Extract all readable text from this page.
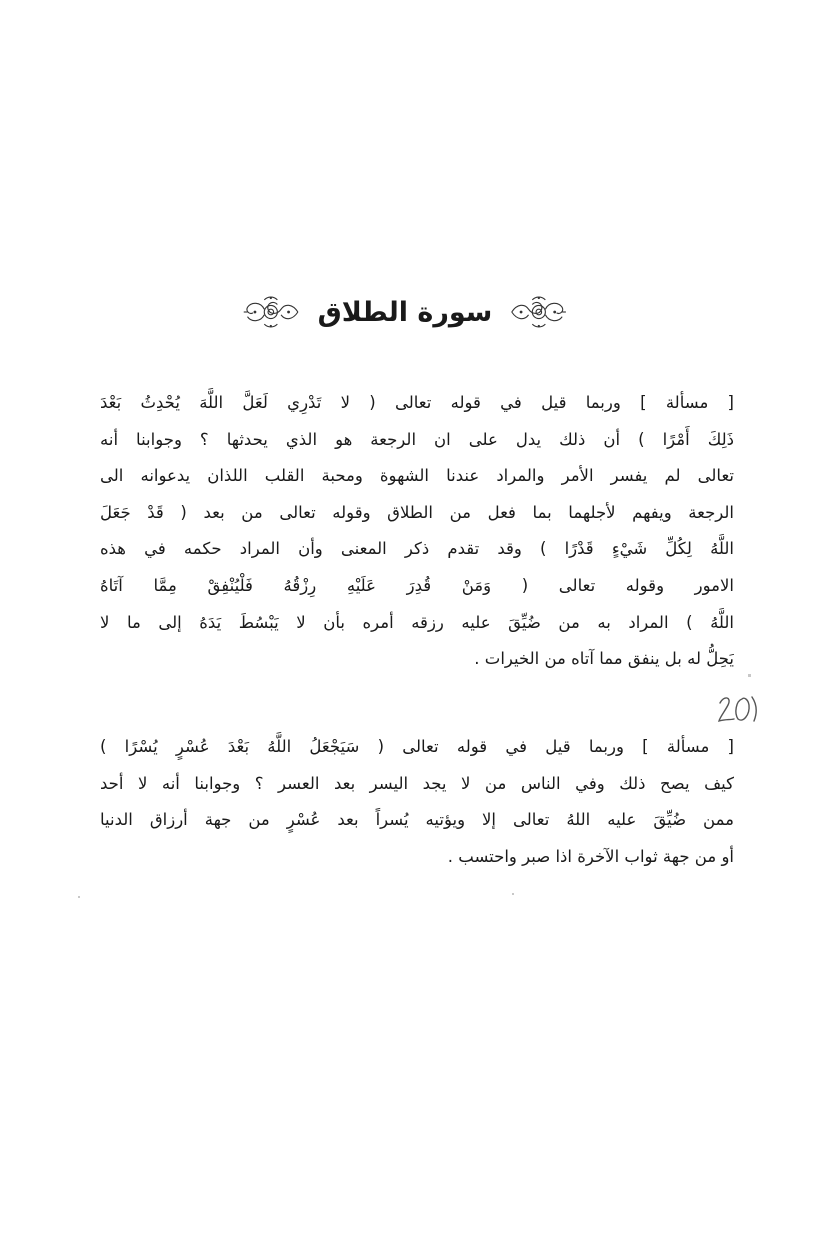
سورة الطلاق
[ مسألة ] وربما قيل في قوله تعالى ( لا تَدْرِي لَعَلَّ اللَّهَ يُحْدِثُ بَعْدَ
ذَلِكَ أَمْرًا ) أن ذلك يدل على ان الرجعة هو الذي يحدثها ؟ وجوابنا أنه
تعالى لم يفسر الأمر والمراد عندنا الشهوة ومحبة القلب اللذان يدعوانه الى
الرجعة ويفهم لأجلهما بما فعل من الطلاق وقوله تعالى من بعد ( قَدْ جَعَلَ
اللَّهُ لِكُلِّ شَيْءٍ قَدْرًا ) وقد تقدم ذكر المعنى وأن المراد حكمه في هذه
الامور وقوله تعالى ( وَمَنْ قُدِرَ عَلَيْهِ رِزْقُهُ فَلْيُنْفِقْ مِمَّا آتَاهُ
اللَّهُ ) المراد به من ضُيِّقَ عليه رزقه أمره بأن لا يَبْسُطَ يَدَهُ إلى ما لا
يَحِلُّ له بل ينفق مما آتاه من الخيرات .
[ مسألة ] وربما قيل في قوله تعالى ( سَيَجْعَلُ اللَّهُ بَعْدَ عُسْرٍ يُسْرًا )
كيف يصح ذلك وفي الناس من لا يجد اليسر بعد العسر ؟ وجوابنا أنه لا أحد
ممن ضُيِّقَ عليه اللهُ تعالى إلا ويؤتيه يُسراً بعد عُسْرٍ من جهة أرزاق الدنيا
أو من جهة ثواب الآخرة اذا صبر واحتسب .
